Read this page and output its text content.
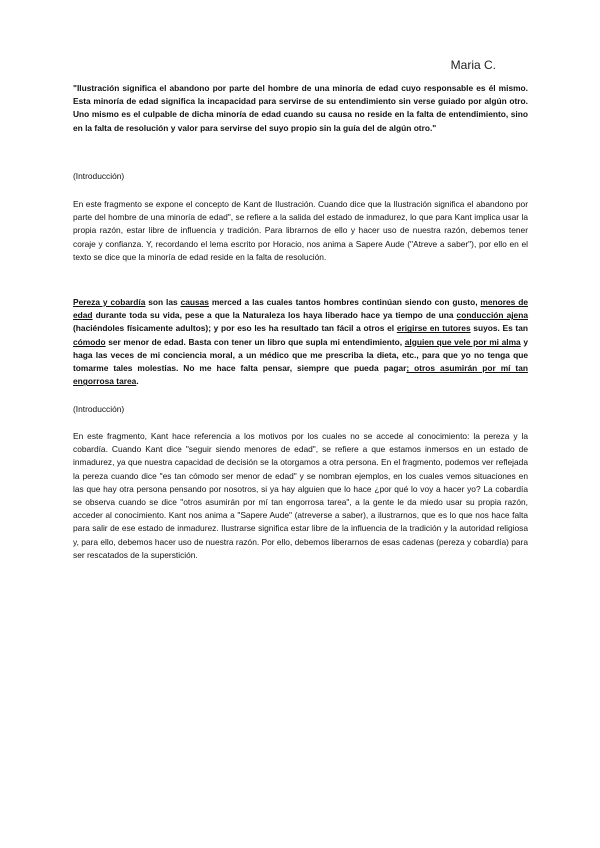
Maria C.

"Ilustración significa el abandono por parte del hombre de una minoría de edad cuyo responsable es él mismo. Esta minoría de edad significa la incapacidad para servirse de su entendimiento sin verse guiado por algún otro. Uno mismo es el culpable de dicha minoría de edad cuando su causa no reside en la falta de entendimiento, sino en la falta de resolución y valor para servirse del suyo propio sin la guía del de algún otro."

(Introducción)

En este fragmento se expone el concepto de Kant de Ilustración. Cuando dice que la Ilustración significa el abandono por parte del hombre de una minoría de edad", se refiere a la salida del estado de inmadurez, lo que para Kant implica usar la propia razón, estar libre de influencia y tradición. Para librarnos de ello y hacer uso de nuestra razón, debemos tener coraje y confianza. Y, recordando el lema escrito por Horacio, nos anima a Sapere Aude ("Atreve a saber"), por ello en el texto se dice que la minoría de edad reside en la falta de resolución.

Pereza y cobardía son las causas merced a las cuales tantos hombres continúan siendo con gusto, menores de edad durante toda su vida, pese a que la Naturaleza los haya liberado hace ya tiempo de una conducción ajena (haciéndoles físicamente adultos); y por eso les ha resultado tan fácil a otros el erigirse en tutores suyos. Es tan cómodo ser menor de edad. Basta con tener un libro que supla mi entendimiento, alguien que vele por mi alma y haga las veces de mi conciencia moral, a un médico que me prescriba la dieta, etc., para que yo no tenga que tomarme tales molestias. No me hace falta pensar, siempre que pueda pagar; otros asumirán por mí tan engorrosa tarea.

(Introducción)

En este fragmento, Kant hace referencia a los motivos por los cuales no se accede al conocimiento: la pereza y la cobardía. Cuando Kant dice "seguir siendo menores de edad", se refiere a que estamos inmersos en un estado de inmadurez, ya que nuestra capacidad de decisión se la otorgamos a otra persona. En el fragmento, podemos ver reflejada la pereza cuando dice "es tan cómodo ser menor de edad" y se nombran ejemplos, en los cuales vemos situaciones en las que hay otra persona pensando por nosotros, si ya hay alguien que lo hace ¿por qué lo voy a hacer yo? La cobardía se observa cuando se dice "otros asumirán por mí tan engorrosa tarea", a la gente le da miedo usar su propia razón, acceder al conocimiento. Kant nos anima a "Sapere Aude" (atreverse a saber), a ilustrarnos, que es lo que nos hace falta para salir de ese estado de inmadurez. Ilustrarse significa estar libre de la influencia de la tradición y la autoridad religiosa y, para ello, debemos hacer uso de nuestra razón. Por ello, debemos liberarnos de esas cadenas (pereza y cobardía) para ser rescatados de la superstición.
